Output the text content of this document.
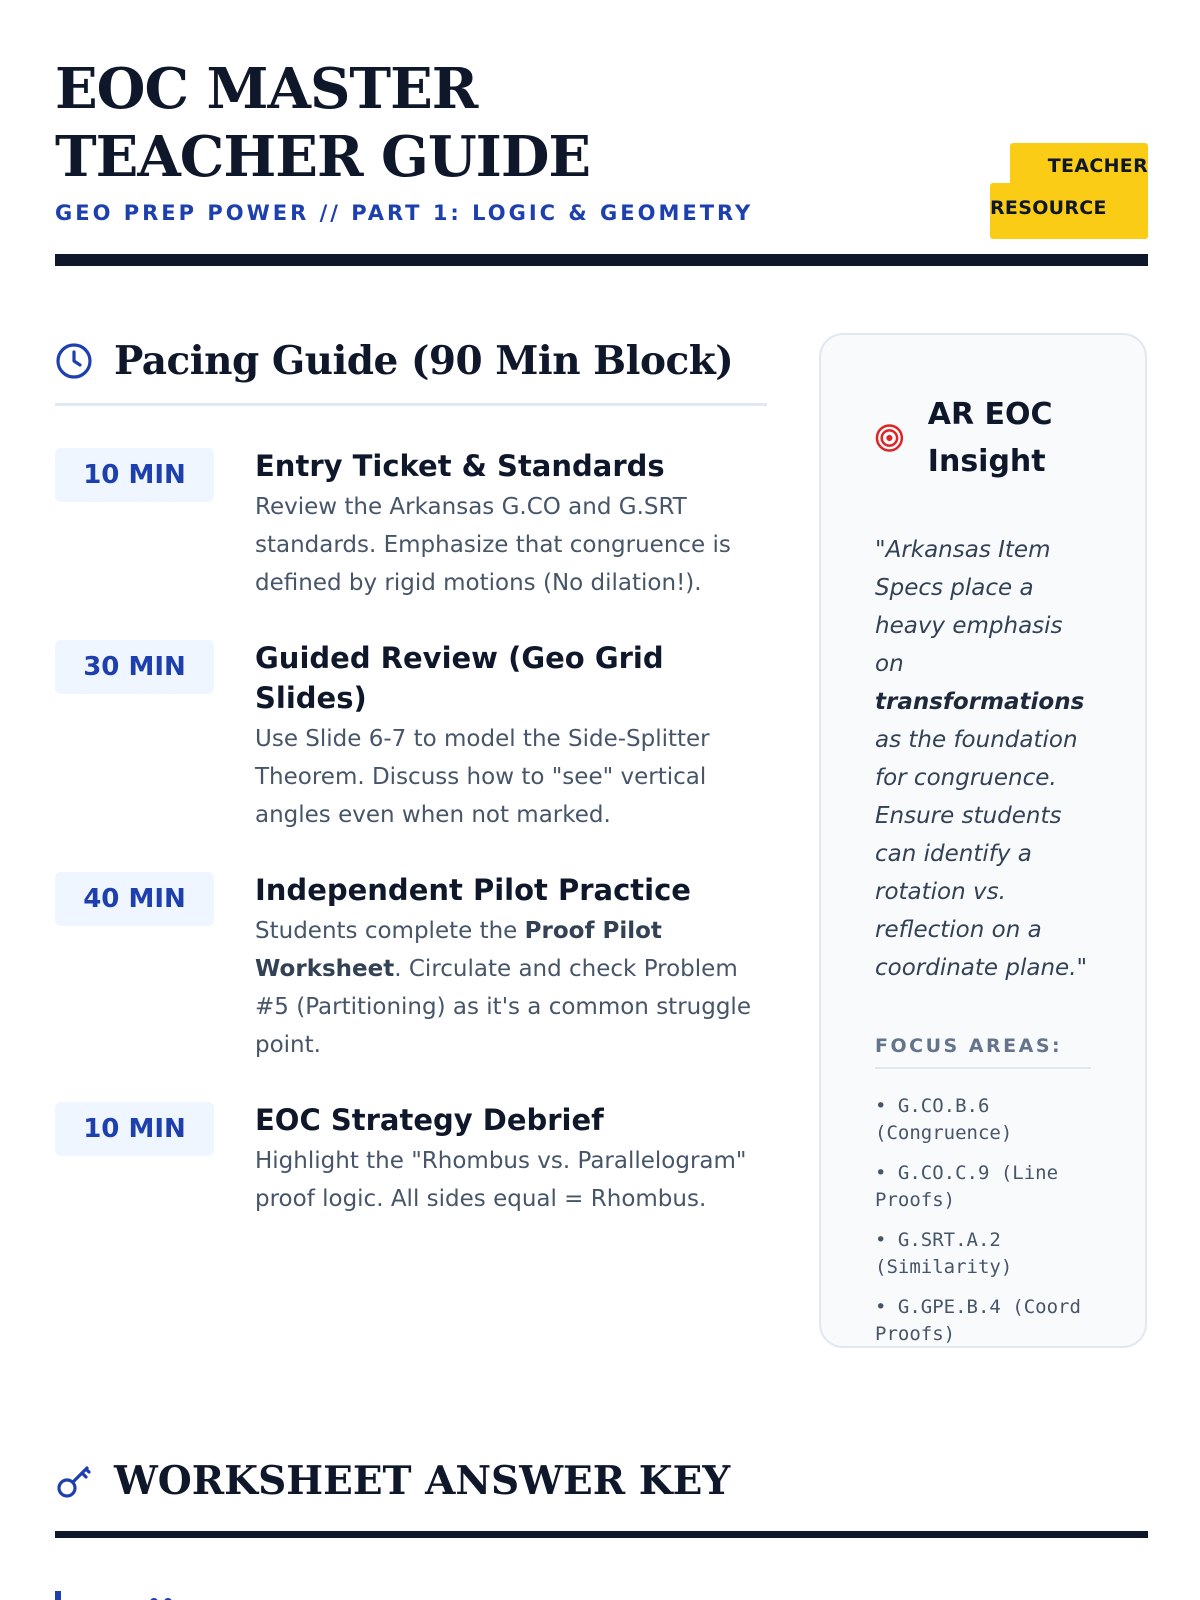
EOC MASTER TEACHER GUIDE
GEO PREP POWER // PART 1: LOGIC & GEOMETRY
TEACHER
RESOURCE
Pacing Guide (90 Min Block)
10 MIN	Entry Ticket & Standards
Review the Arkansas G.CO and G.SRT standards. Emphasize that congruence is defined by rigid motions (No dilation!).
30 MIN	Guided Review (Geo Grid Slides)
Use Slide 6-7 to model the Side-Splitter Theorem. Discuss how to "see" vertical angles even when not marked.
40 MIN	Independent Pilot Practice
Students complete the Proof Pilot Worksheet. Circulate and check Problem #5 (Partitioning) as it's a common struggle point.
10 MIN	EOC Strategy Debrief
Highlight the "Rhombus vs. Parallelogram" proof logic. All sides equal = Rhombus.
AR EOC Insight

"Arkansas Item Specs place a heavy emphasis on transformations as the foundation for congruence. Ensure students can identify a rotation vs. reflection on a coordinate plane."

FOCUS AREAS:
• G.CO.B.6 (Congruence)
• G.CO.C.9 (Line Proofs)
• G.SRT.A.2 (Similarity)
• G.GPE.B.4 (Coord Proofs)
WORKSHEET ANSWER KEY
